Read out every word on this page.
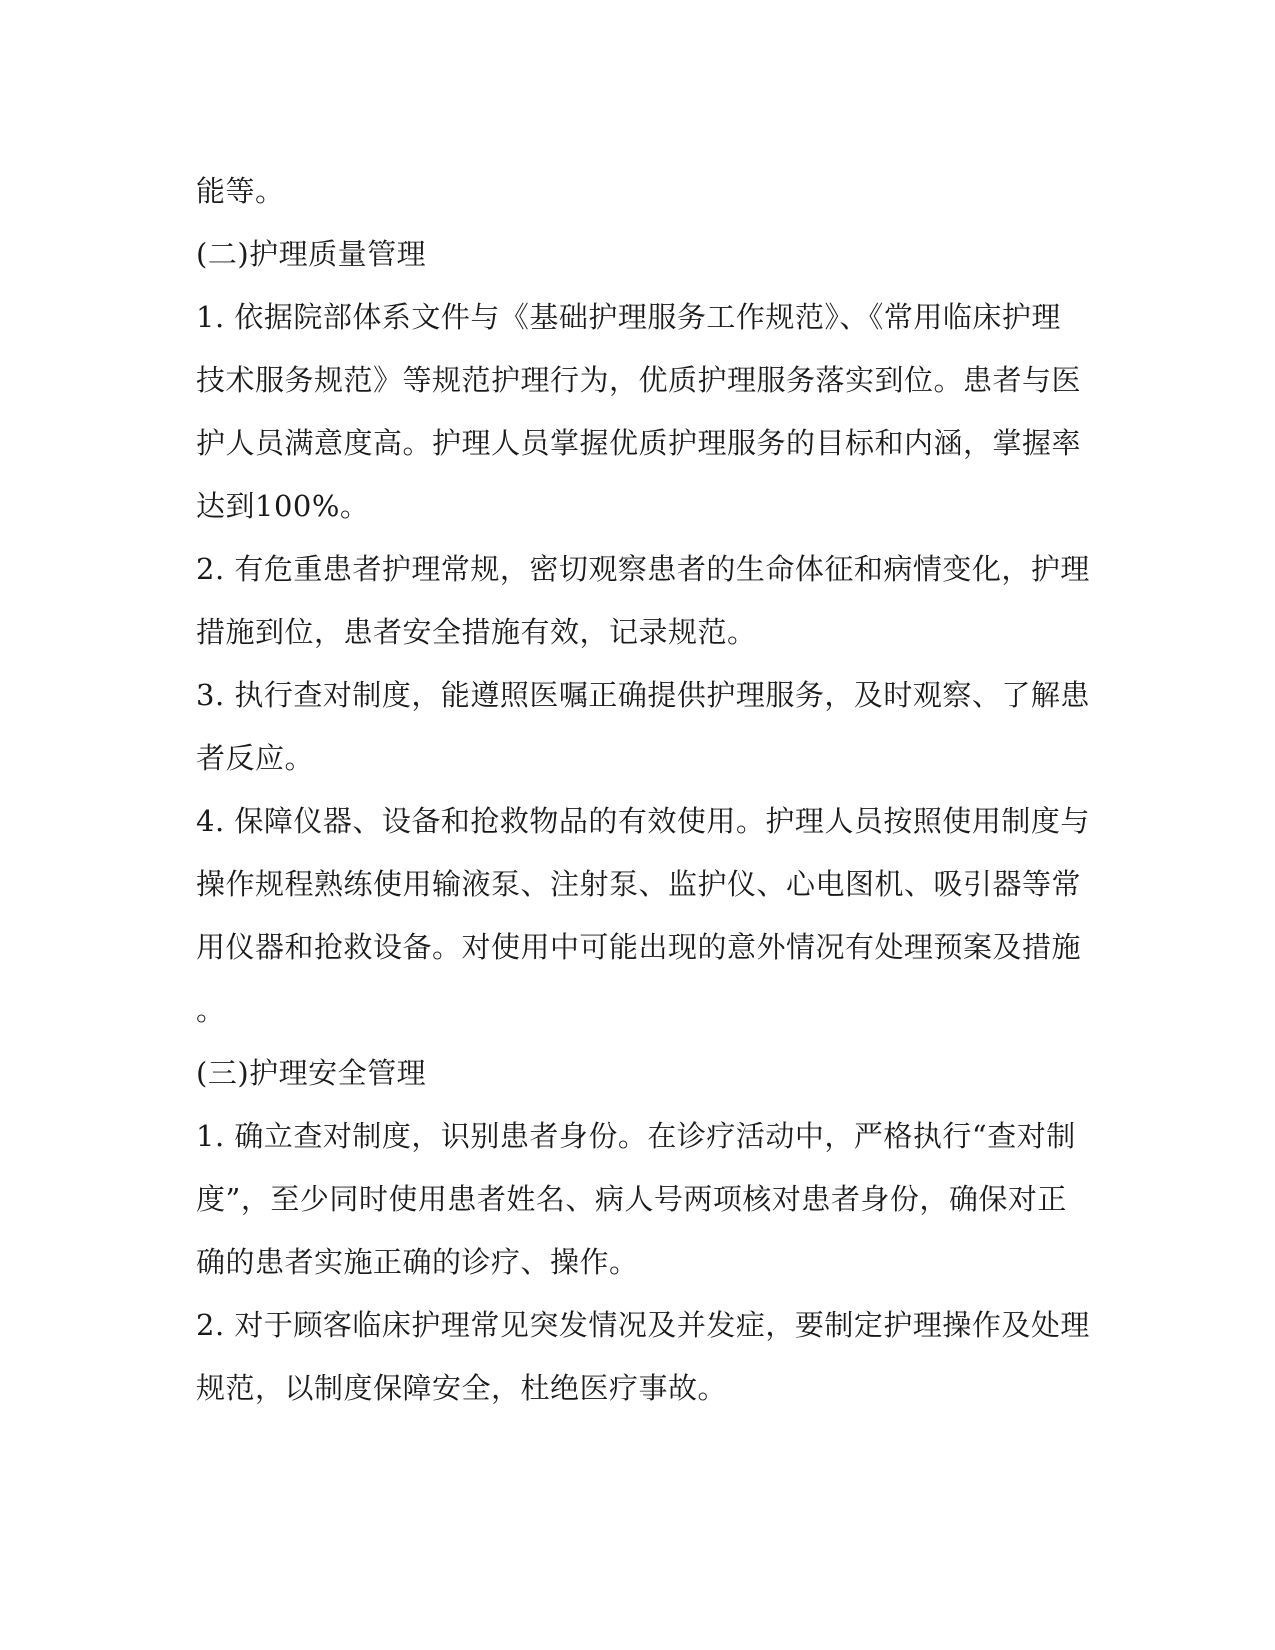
能等。
(二)护理质量管理
1. 依据院部体系文件与《基础护理服务工作规范》、《常用临床护理
技术服务规范》等规范护理行为，优质护理服务落实到位。患者与医
护人员满意度高。护理人员掌握优质护理服务的目标和内涵，掌握率
达到100%。
2. 有危重患者护理常规，密切观察患者的生命体征和病情变化，护理
措施到位，患者安全措施有效，记录规范。
3. 执行查对制度，能遵照医嘱正确提供护理服务，及时观察、了解患
者反应。
4. 保障仪器、设备和抢救物品的有效使用。护理人员按照使用制度与
操作规程熟练使用输液泵、注射泵、监护仪、心电图机、吸引器等常
用仪器和抢救设备。对使用中可能出现的意外情况有处理预案及措施
。
(三)护理安全管理
1. 确立查对制度，识别患者身份。在诊疗活动中，严格执行“查对制
度”，至少同时使用患者姓名、病人号两项核对患者身份，确保对正
确的患者实施正确的诊疗、操作。
2. 对于顾客临床护理常见突发情况及并发症，要制定护理操作及处理
规范，以制度保障安全，杜绝医疗事故。
